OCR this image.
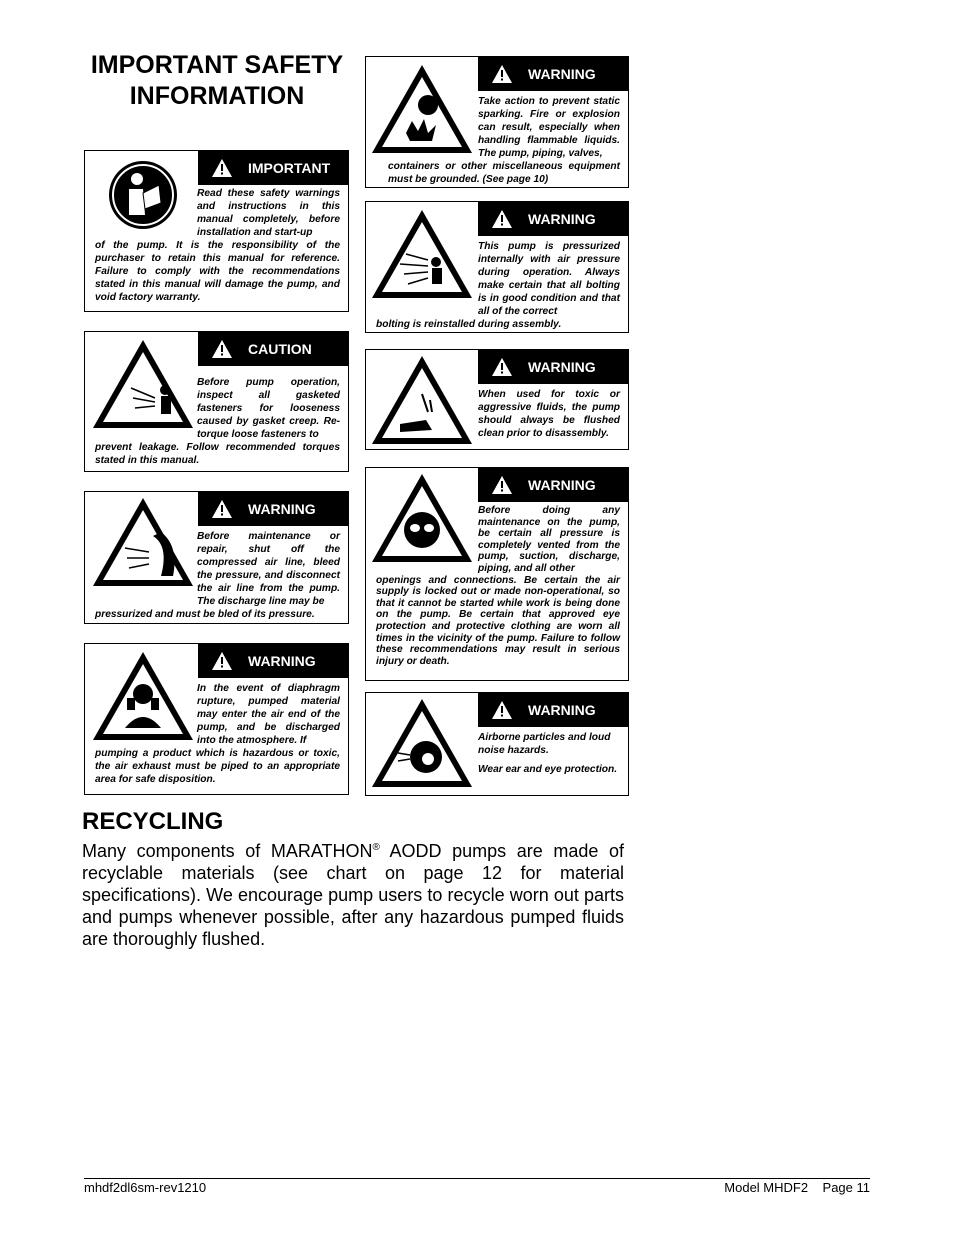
IMPORTANT SAFETY INFORMATION
IMPORTANT
Read these safety warnings and instructions in this manual completely, before installation and start-up
of the pump. It is the responsibility of the purchaser to retain this manual for reference. Failure to comply with the recommendations stated in this manual will damage the pump, and void factory warranty.
CAUTION
Before pump operation, inspect all gasketed fasteners for looseness caused by gasket creep. Re-torque loose fasteners to
prevent leakage. Follow recommended torques stated in this manual.
WARNING
Before maintenance or repair, shut off the compressed air line, bleed the pressure, and disconnect the air line from the pump. The discharge line may be
pressurized and must be bled of its pressure.
WARNING
In the event of diaphragm rupture, pumped material may enter the air end of the pump, and be discharged into the atmosphere. If
pumping a product which is hazardous or toxic, the air exhaust must be piped to an appropriate area for safe disposition.
WARNING
Take action to prevent static sparking. Fire or explosion can result, especially when handling flammable liquids. The pump, piping, valves,
containers or other miscellaneous equipment must be grounded. (See page 10)
WARNING
This pump is pressurized internally with air pressure during operation. Always make certain that all bolting is in good condition and that all of the correct
bolting is reinstalled during assembly.
WARNING
When used for toxic or aggressive fluids, the pump should always be flushed clean prior to disassembly.
WARNING
Before doing any maintenance on the pump, be certain all pressure is completely vented from the pump, suction, discharge, piping, and all other
openings and connections. Be certain the air supply is locked out or made non-operational, so that it cannot be started while work is being done on the pump. Be certain that approved eye protection and protective clothing are worn all times in the vicinity of the pump. Failure to follow these recommendations may result in serious injury or death.
WARNING
Airborne particles and loud noise hazards.
Wear ear and eye protection.
RECYCLING

Many components of MARATHON® AODD pumps are made of recyclable materials (see chart on page 12 for material specifications). We encourage pump users to recycle worn out parts and pumps whenever possible, after any hazardous pumped fluids are thoroughly flushed.

mhdf2dl6sm-rev1210	Model MHDF2    Page 11
